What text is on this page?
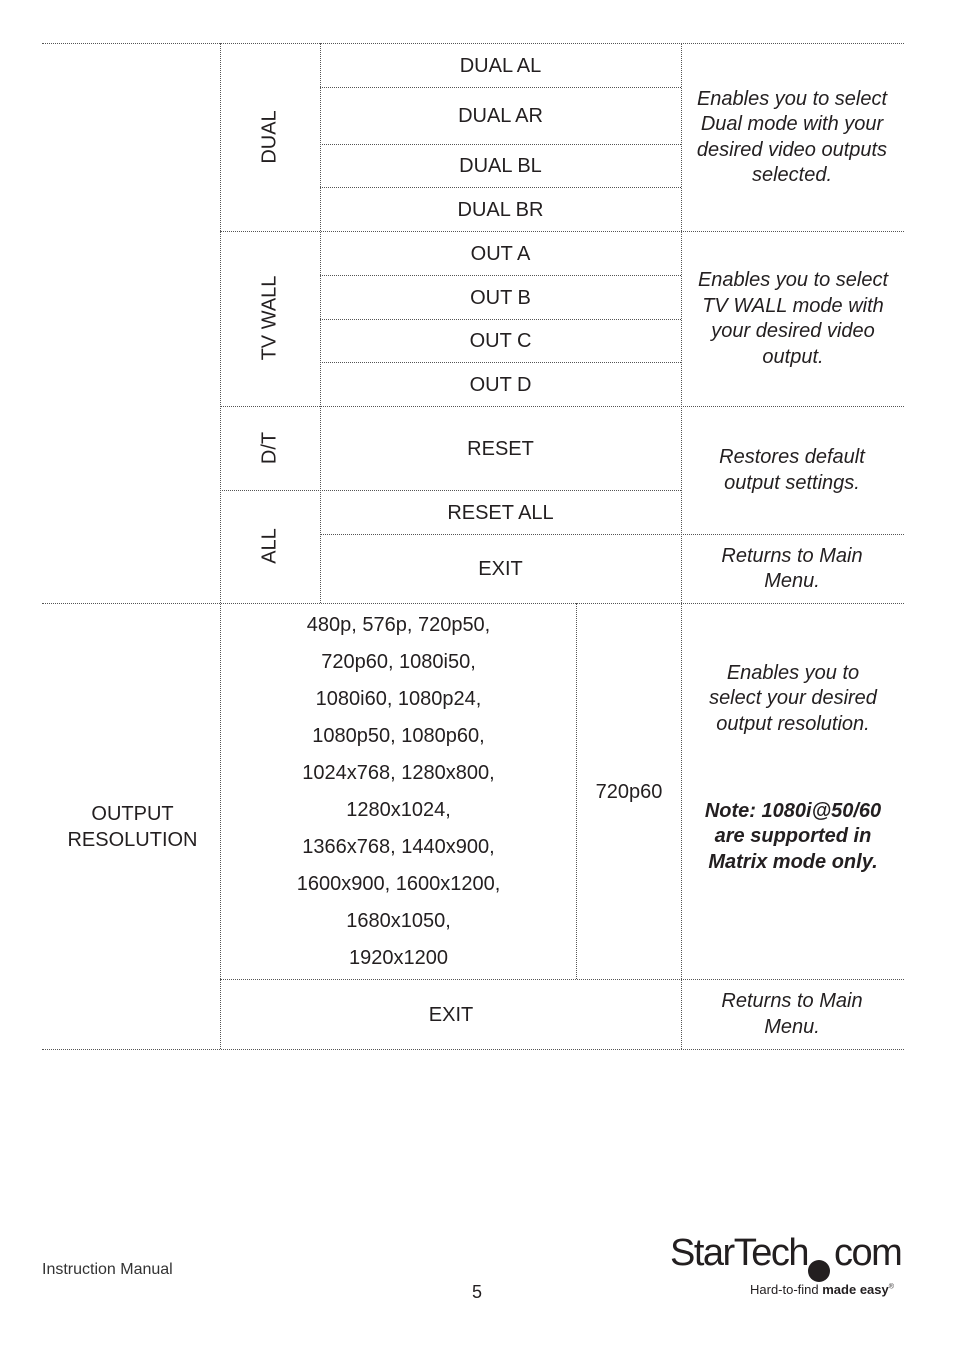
DUAL
TV WALL
D/T
ALL
DUAL AL
DUAL AR
DUAL BL
DUAL BR
OUT A
OUT B
OUT C
OUT D
RESET
RESET ALL
EXIT
Enables you to select Dual mode with your desired video outputs selected.
Enables you to select TV WALL mode with your desired video output.
Restores default output settings.
Returns to Main Menu.
OUTPUT RESOLUTION
480p, 576p, 720p50,
720p60, 1080i50,
1080i60, 1080p24,
1080p50, 1080p60,
1024x768, 1280x800,
1280x1024,
1366x768, 1440x900,
1600x900, 1600x1200,
1680x1050,
1920x1200
720p60
Enables you to select your desired output resolution.
Note: 1080i@50/60 are supported in Matrix mode only.
EXIT
Returns to Main Menu.
Instruction Manual
5
StarTech com
Hard-to-find made easy®
